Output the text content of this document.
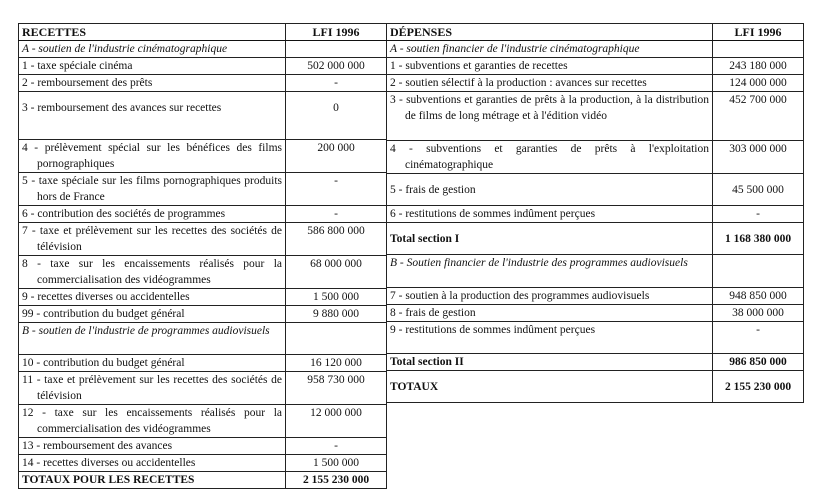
RECETTES	LFI 1996
A - soutien de l'industrie cinématographique	
1 - taxe spéciale cinéma	502 000 000
2 - remboursement des prêts	-
3 - remboursement des avances sur recettes	0
4 - prélèvement spécial sur les bénéfices des films pornographiques	200 000
5 - taxe spéciale sur les films pornographiques produits hors de France	-
6 - contribution des sociétés de programmes	-
7 - taxe et prélèvement sur les recettes des sociétés de télévision	586 800 000
8 - taxe sur les encaissements réalisés pour la commercialisation des vidéogrammes	68 000 000
9 - recettes diverses ou accidentelles	1 500 000
99 - contribution du budget général	9 880 000
B - soutien de l'industrie de programmes audiovisuels	
10 - contribution du budget général	16 120 000
11 - taxe et prélèvement sur les recettes des sociétés de télévision	958 730 000
12 - taxe sur les encaissements réalisés pour la commercialisation des vidéogrammes	12 000 000
13 - remboursement des avances	-
14 - recettes diverses ou accidentelles	1 500 000
TOTAUX POUR LES RECETTES	2 155 230 000
DÉPENSES	LFI 1996
A - soutien financier de l'industrie cinématographique	
1 - subventions et garanties de recettes	243 180 000
2 - soutien sélectif à la production : avances sur recettes	124 000 000
3 - subventions et garanties de prêts à la production, à la distribution de films de long métrage et à l'édition vidéo	452 700 000
4 - subventions et garanties de prêts à l'exploitation cinématographique	303 000 000
5 - frais de gestion	45 500 000
6 - restitutions de sommes indûment perçues	-
Total section I	1 168 380 000
B - Soutien financier de l'industrie des programmes audiovisuels	
7 - soutien à la production des programmes audiovisuels	948 850 000
8 - frais de gestion	38 000 000
9 - restitutions de sommes indûment perçues	-
Total section II	986 850 000
TOTAUX	2 155 230 000
